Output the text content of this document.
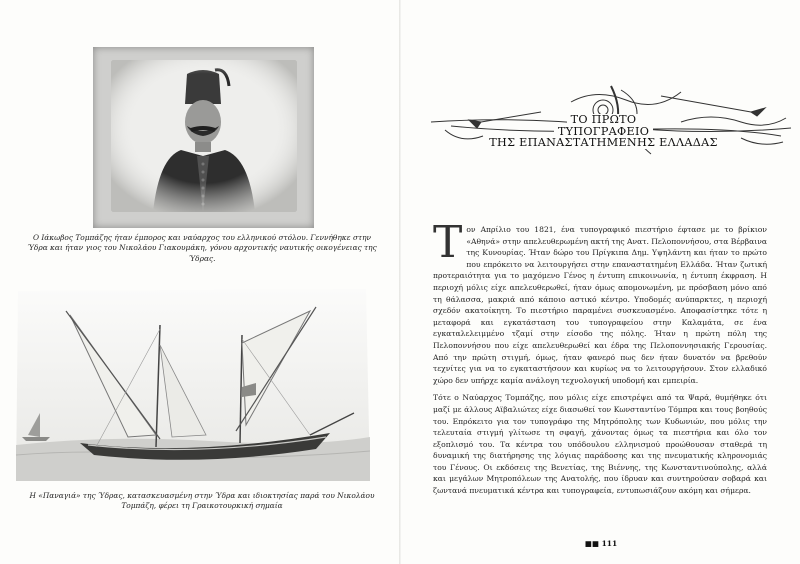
Ο Ιάκωβος Τομπάζης ήταν έμπορος και ναύαρχος του ελληνικού στόλου. Γεννήθηκε στην Ύδρα και ήταν γιος του Νικολάου Γιακουμάκη, γόνου αρχοντικής ναυτικής οικογένειας της Ύδρας.
Η «Παναγιά» της Ύδρας, κατασκευασμένη στην Ύδρα και ιδιοκτησίας παρά του Νικολάου Τομπάζη, φέρει τη Γραικοτουρκική σημαία
ΤΟ ΠΡΩΤΟ
ΤΥΠΟΓΡΑΦΕΙΟ
ΤΗΣ ΕΠΑΝΑΣΤΑΤΗΜΕΝΗΣ ΕΛΛΑΔΑΣ

Τον Απρίλιο του 1821, ένα τυπογραφικό πιεστήριο έφτασε με το βρίκιον «Αθηνά» στην απελευθερωμένη ακτή της Ανατ. Πελοποννήσου, στα Βέρβαινα της Κυνουρίας. Ήταν δώρο του Πρίγκιπα Δημ. Υψηλάντη και ήταν το πρώτο που επρόκειτο να λειτουργήσει στην επαναστατημένη Ελλάδα. Ήταν ζωτική προτεραιότητα για το μαχόμενο Γένος η έντυπη επικοινωνία, η έντυπη έκφραση. Η περιοχή μόλις είχε απελευθερωθεί, ήταν όμως απομονωμένη, με πρόσβαση μόνο από τη θάλασσα, μακριά από κάποιο αστικό κέντρο. Υποδομές ανύπαρκτες, η περιοχή σχεδόν ακατοίκητη. Το πιεστήριο παραμένει συσκευασμένο. Αποφασίστηκε τότε η μεταφορά και εγκατάσταση του τυπογραφείου στην Καλαμάτα, σε ένα εγκαταλελειμμένο τζαμί στην είσοδο της πόλης. Ήταν η πρώτη πόλη της Πελοποννήσου που είχε απελευθερωθεί και έδρα της Πελοποννησιακής Γερουσίας. Από την πρώτη στιγμή, όμως, ήταν φανερό πως δεν ήταν δυνατόν να βρεθούν τεχνίτες για να το εγκαταστήσουν και κυρίως να το λειτουργήσουν. Στον ελλαδικό χώρο δεν υπήρχε καμία ανάλογη τεχνολογική υποδομή και εμπειρία.

Τότε ο Ναύαρχος Τομπάζης, που μόλις είχε επιστρέψει από τα Ψαρά, θυμήθηκε ότι μαζί με άλλους Αϊβαλιώτες είχε διασωθεί τον Κωνσταντίνο Τόμπρα και τους βοηθούς του. Επρόκειτο για τον τυπογράφο της Μητρόπολης των Κυδωνιών, που μόλις την τελευταία στιγμή γλίτωσε τη σφαγή, χάνοντας όμως τα πιεστήρια και όλο τον εξοπλισμό του. Τα κέντρα του υπόδουλου ελληνισμού προώθουσαν σταθερά τη δυναμική της διατήρησης της λόγιας παράδοσης και της πνευματικής κληρονομιάς του Γένους. Οι εκδόσεις της Βενετίας, της Βιέννης, της Κωνσταντινούπολης, αλλά και μεγάλων Μητροπόλεων της Ανατολής, που ίδρυαν και συντηρούσαν σοβαρά και ζωντανά πνευματικά κέντρα και τυπογραφεία, εντυπωσιάζουν ακόμη και σήμερα.

■■ 111
